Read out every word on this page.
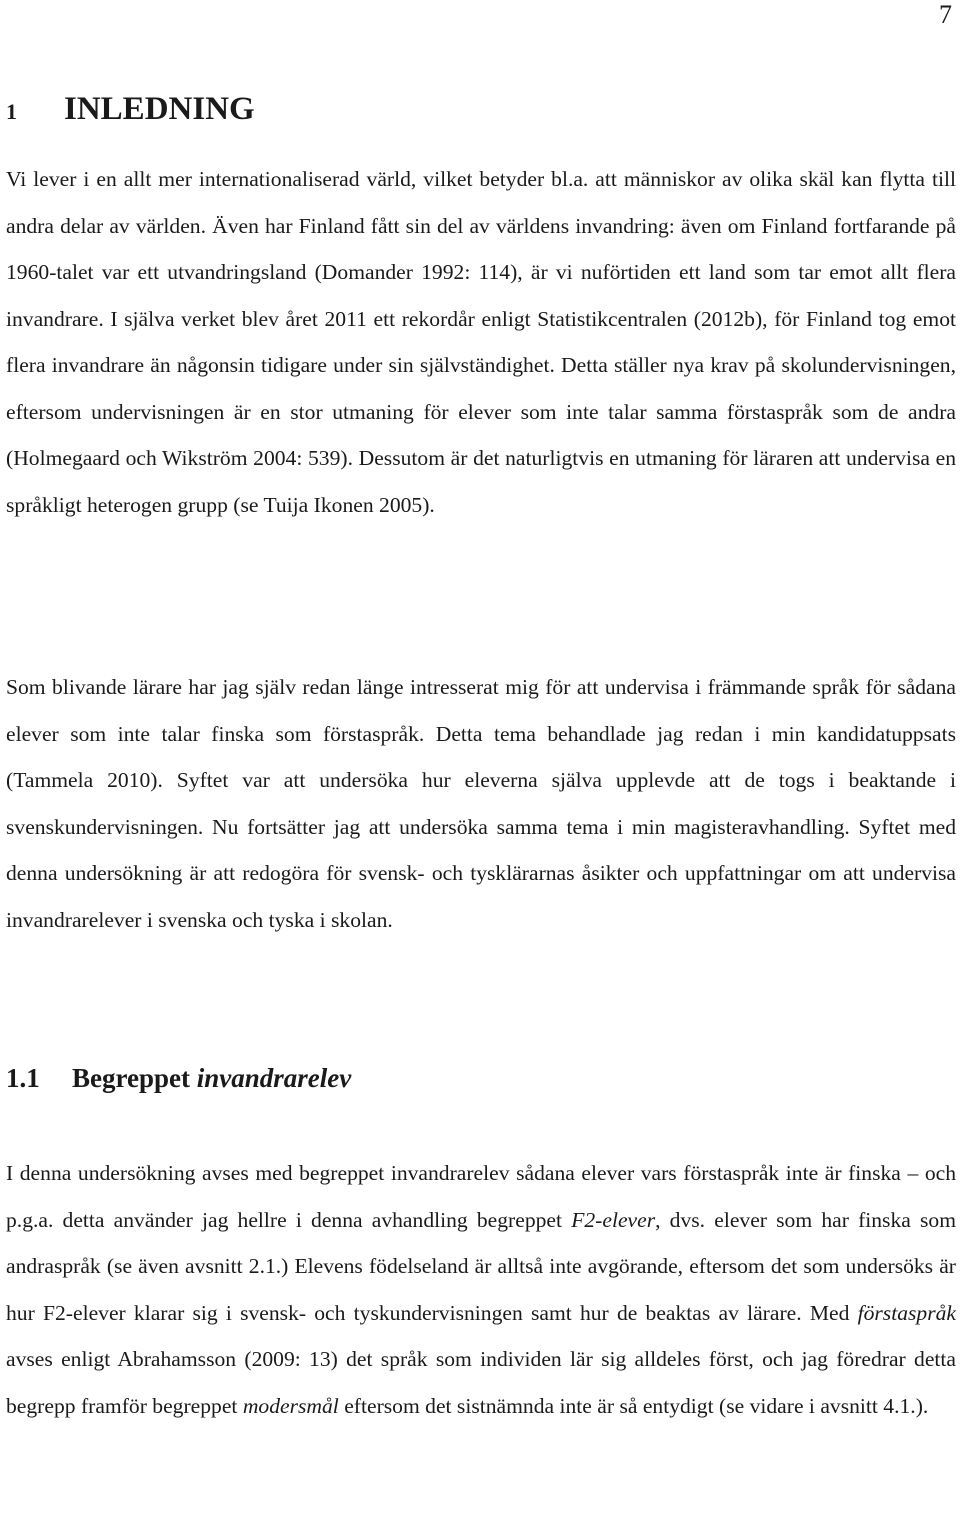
7
1 INLEDNING

Vi lever i en allt mer internationaliserad värld, vilket betyder bl.a. att människor av olika skäl kan flytta till andra delar av världen. Även har Finland fått sin del av världens invandring: även om Finland fortfarande på 1960-talet var ett utvandringsland (Domander 1992: 114), är vi nuförtiden ett land som tar emot allt flera invandrare. I själva verket blev året 2011 ett rekordår enligt Statistikcentralen (2012b), för Finland tog emot flera invandrare än någonsin tidigare under sin självständighet. Detta ställer nya krav på skolundervisningen, eftersom undervisningen är en stor utmaning för elever som inte talar samma förstaspråk som de andra (Holmegaard och Wikström 2004: 539). Dessutom är det naturligtvis en utmaning för läraren att undervisa en språkligt heterogen grupp (se Tuija Ikonen 2005).

Som blivande lärare har jag själv redan länge intresserat mig för att undervisa i främmande språk för sådana elever som inte talar finska som förstaspråk. Detta tema behandlade jag redan i min kandidatuppsats (Tammela 2010). Syftet var att undersöka hur eleverna själva upplevde att de togs i beaktande i svenskundervisningen. Nu fortsätter jag att undersöka samma tema i min magisteravhandling. Syftet med denna undersökning är att redogöra för svensk- och tysklärarnas åsikter och uppfattningar om att undervisa invandrarelever i svenska och tyska i skolan.

1.1 Begreppet invandrarelev

I denna undersökning avses med begreppet invandrarelev sådana elever vars förstaspråk inte är finska – och p.g.a. detta använder jag hellre i denna avhandling begreppet F2-elever, dvs. elever som har finska som andraspråk (se även avsnitt 2.1.) Elevens födelseland är alltså inte avgörande, eftersom det som undersöks är hur F2-elever klarar sig i svensk- och tyskundervisningen samt hur de beaktas av lärare. Med förstaspråk avses enligt Abrahamsson (2009: 13) det språk som individen lär sig alldeles först, och jag föredrar detta begrepp framför begreppet modersmål eftersom det sistnämnda inte är så entydigt (se vidare i avsnitt 4.1.).
